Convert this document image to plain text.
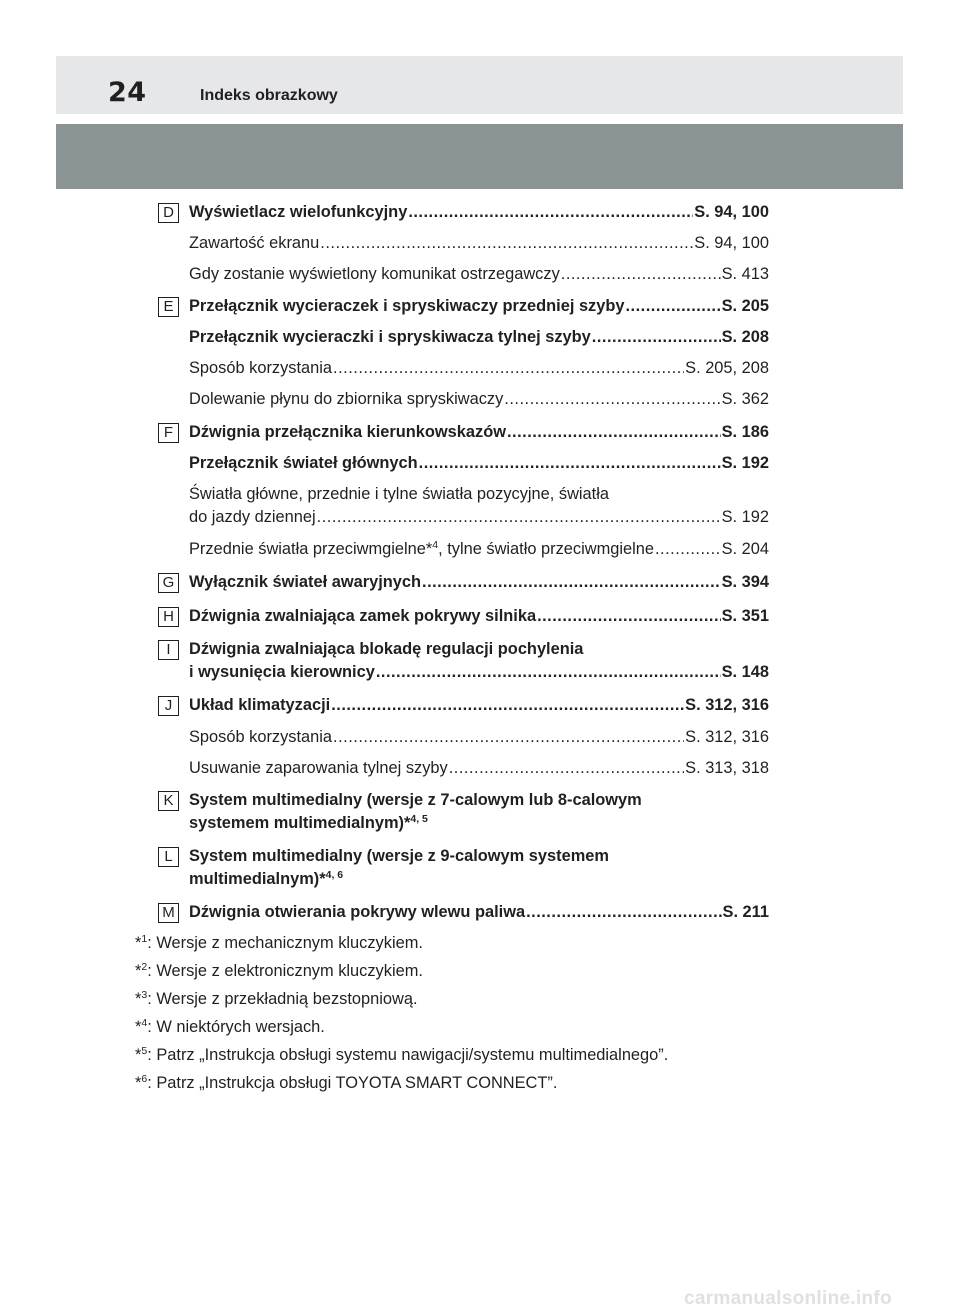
24	Indeks obrazkowy
D Wyświetlacz wielofunkcyjny .....	S. 94, 100
Zawartość ekranu .....	S. 94, 100
Gdy zostanie wyświetlony komunikat ostrzegawczy .....	S. 413
E Przełącznik wycieraczek i spryskiwaczy przedniej szyby .....	S. 205
Przełącznik wycieraczki i spryskiwacza tylnej szyby .....	S. 208
Sposób korzystania .....	S. 205, 208
Dolewanie płynu do zbiornika spryskiwaczy .....	S. 362
F Dźwignia przełącznika kierunkowskazów .....	S. 186
Przełącznik świateł głównych .....	S. 192
Światła główne, przednie i tylne światła pozycyjne, światła
do jazdy dziennej .....	S. 192
Przednie światła przeciwmgielne*$^4$, tylne światło przeciwmgielne .....	S. 204
G Wyłącznik świateł awaryjnych .....	S. 394
H Dźwignia zwalniająca zamek pokrywy silnika .....	S. 351
I	Dźwignia zwalniająca blokadę regulacji pochylenia
i wysunięcia kierownicy .....	S. 148
J	Układ klimatyzacji .....	S. 312, 316
Sposób korzystania .....	S. 312, 316
Usuwanie zaparowania tylnej szyby .....	S. 313, 318
K System multimedialny (wersje z 7-calowym lub 8-calowym
systemem multimedialnym)*$^{4, 5}$
L System multimedialny (wersje z 9-calowym systemem
multimedialnym)*$^{4, 6}$
M Dźwignia otwierania pokrywy wlewu paliwa .....	S. 211
*$^1$: Wersje z mechanicznym kluczykiem.
*$^2$: Wersje z elektronicznym kluczykiem.
*$^3$: Wersje z przekładnią bezstopniową.
*$^4$: W niektórych wersjach.
*$^5$: Patrz „Instrukcja obsługi systemu nawigacji/systemu multimedialnego”.
*$^6$: Patrz „Instrukcja obsługi TOYOTA SMART CONNECT”.
carmanualsonline.info
